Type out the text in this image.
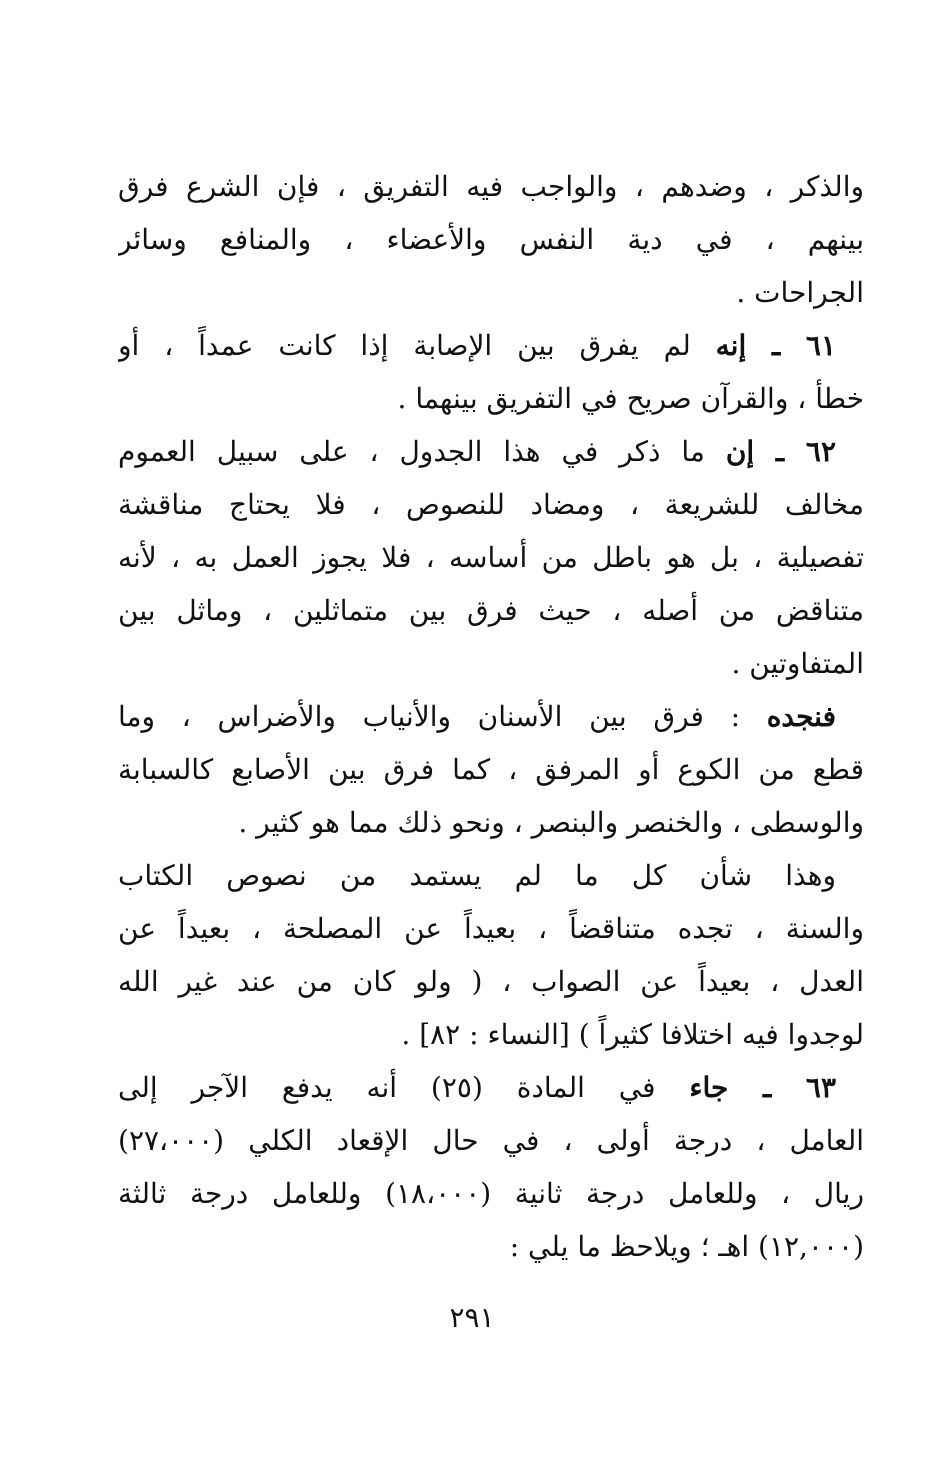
والذكر ، وضدهم ، والواجب فيه التفريق ، فإن الشرع فرق
بينهم ، في دية النفس والأعضاء ، والمنافع وسائر
الجراحات .
٦١ ـ إنه لم يفرق بين الإصابة إذا كانت عمداً ، أو
خطأ ، والقرآن صريح في التفريق بينهما .
٦٢ ـ إن ما ذكر في هذا الجدول ، على سبيل العموم
مخالف للشريعة ، ومضاد للنصوص ، فلا يحتاج مناقشة
تفصيلية ، بل هو باطل من أساسه ، فلا يجوز العمل به ، لأنه
متناقض من أصله ، حيث فرق بين متماثلين ، وماثل بين
المتفاوتين .
فنجده : فرق بين الأسنان والأنياب والأضراس ، وما
قطع من الكوع أو المرفق ، كما فرق بين الأصابع كالسبابة
والوسطى ، والخنصر والبنصر ، ونحو ذلك مما هو كثير .
وهذا شأن كل ما لم يستمد من نصوص الكتاب
والسنة ، تجده متناقضاً ، بعيداً عن المصلحة ، بعيداً عن
العدل ، بعيداً عن الصواب ، ( ولو كان من عند غير الله
لوجدوا فيه اختلافا كثيراً ) [النساء : ٨٢] .
٦٣ ـ جاء في المادة (٢٥) أنه يدفع الآجر إلى
العامل ، درجة أولى ، في حال الإقعاد الكلي (٢٧،٠٠٠)
ريال ، وللعامل درجة ثانية (١٨،٠٠٠) وللعامل درجة ثالثة
(١٢,٠٠٠) اهـ ؛ ويلاحظ ما يلي :
٢٩١
